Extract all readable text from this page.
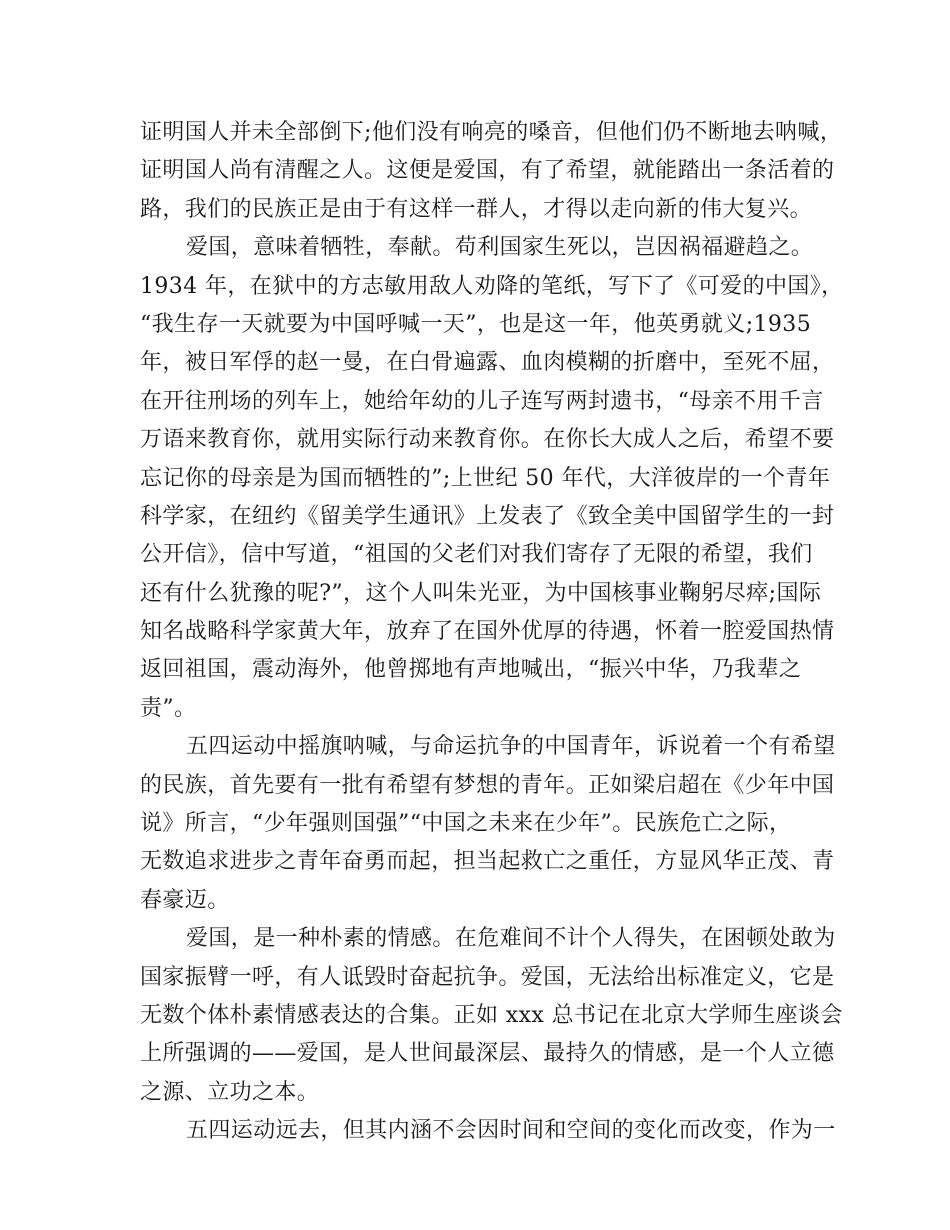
证明国人并未全部倒下;他们没有响亮的嗓音，但他们仍不断地去呐喊，
证明国人尚有清醒之人。这便是爱国，有了希望，就能踏出一条活着的
路，我们的民族正是由于有这样一群人，才得以走向新的伟大复兴。
爱国，意味着牺牲，奉献。苟利国家生死以，岂因祸福避趋之。
1934 年，在狱中的方志敏用敌人劝降的笔纸，写下了《可爱的中国》，
“我生存一天就要为中国呼喊一天”，也是这一年，他英勇就义;1935
年，被日军俘的赵一曼，在白骨遍露、血肉模糊的折磨中，至死不屈，
在开往刑场的列车上，她给年幼的儿子连写两封遗书，“母亲不用千言
万语来教育你，就用实际行动来教育你。在你长大成人之后，希望不要
忘记你的母亲是为国而牺牲的”;上世纪 50 年代，大洋彼岸的一个青年
科学家，在纽约《留美学生通讯》上发表了《致全美中国留学生的一封
公开信》，信中写道，“祖国的父老们对我们寄存了无限的希望，我们
还有什么犹豫的呢?”，这个人叫朱光亚，为中国核事业鞠躬尽瘁;国际
知名战略科学家黄大年，放弃了在国外优厚的待遇，怀着一腔爱国热情
返回祖国，震动海外，他曾掷地有声地喊出，“振兴中华，乃我辈之
责”。
五四运动中摇旗呐喊，与命运抗争的中国青年，诉说着一个有希望
的民族，首先要有一批有希望有梦想的青年。正如梁启超在《少年中国
说》所言，“少年强则国强”“中国之未来在少年”。民族危亡之际，
无数追求进步之青年奋勇而起，担当起救亡之重任，方显风华正茂、青
春豪迈。
爱国，是一种朴素的情感。在危难间不计个人得失，在困顿处敢为
国家振臂一呼，有人诋毁时奋起抗争。爱国，无法给出标准定义，它是
无数个体朴素情感表达的合集。正如 xxx 总书记在北京大学师生座谈会
上所强调的——爱国，是人世间最深层、最持久的情感，是一个人立德
之源、立功之本。
五四运动远去，但其内涵不会因时间和空间的变化而改变，作为一
